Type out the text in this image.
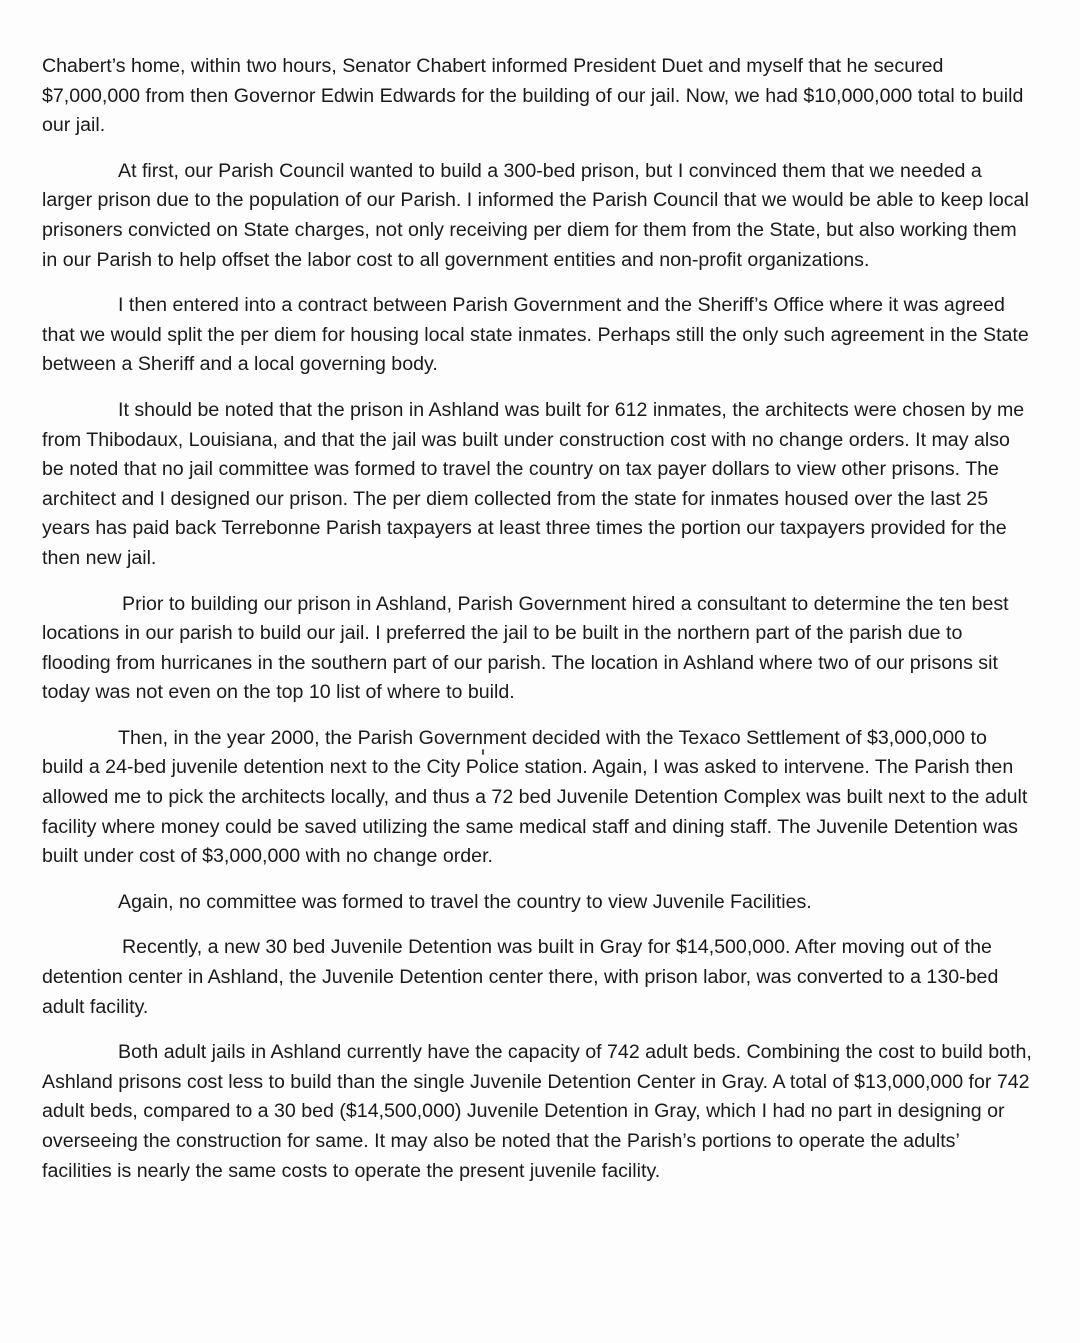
Chabert’s home, within two hours, Senator Chabert informed President Duet and myself that he secured $7,000,000 from then Governor Edwin Edwards for the building of our jail. Now, we had $10,000,000 total to build our jail.

At first, our Parish Council wanted to build a 300-bed prison, but I convinced them that we needed a larger prison due to the population of our Parish. I informed the Parish Council that we would be able to keep local prisoners convicted on State charges, not only receiving per diem for them from the State, but also working them in our Parish to help offset the labor cost to all government entities and non-profit organizations.

I then entered into a contract between Parish Government and the Sheriff’s Office where it was agreed that we would split the per diem for housing local state inmates. Perhaps still the only such agreement in the State between a Sheriff and a local governing body.

It should be noted that the prison in Ashland was built for 612 inmates, the architects were chosen by me from Thibodaux, Louisiana, and that the jail was built under construction cost with no change orders. It may also be noted that no jail committee was formed to travel the country on tax payer dollars to view other prisons. The architect and I designed our prison. The per diem collected from the state for inmates housed over the last 25 years has paid back Terrebonne Parish taxpayers at least three times the portion our taxpayers provided for the then new jail.

Prior to building our prison in Ashland, Parish Government hired a consultant to determine the ten best locations in our parish to build our jail. I preferred the jail to be built in the northern part of the parish due to flooding from hurricanes in the southern part of our parish. The location in Ashland where two of our prisons sit today was not even on the top 10 list of where to build.

Then, in the year 2000, the Parish Government decided with the Texaco Settlement of $3,000,000 to build a 24-bed juvenile detention next to the City Police station. Again, I was asked to intervene. The Parish then allowed me to pick the architects locally, and thus a 72 bed Juvenile Detention Complex was built next to the adult facility where money could be saved utilizing the same medical staff and dining staff. The Juvenile Detention was built under cost of $3,000,000 with no change order.

Again, no committee was formed to travel the country to view Juvenile Facilities.

Recently, a new 30 bed Juvenile Detention was built in Gray for $14,500,000. After moving out of the detention center in Ashland, the Juvenile Detention center there, with prison labor, was converted to a 130-bed adult facility.

Both adult jails in Ashland currently have the capacity of 742 adult beds. Combining the cost to build both, Ashland prisons cost less to build than the single Juvenile Detention Center in Gray. A total of $13,000,000 for 742 adult beds, compared to a 30 bed ($14,500,000) Juvenile Detention in Gray, which I had no part in designing or overseeing the construction for same. It may also be noted that the Parish’s portions to operate the adults’ facilities is nearly the same costs to operate the present juvenile facility.
